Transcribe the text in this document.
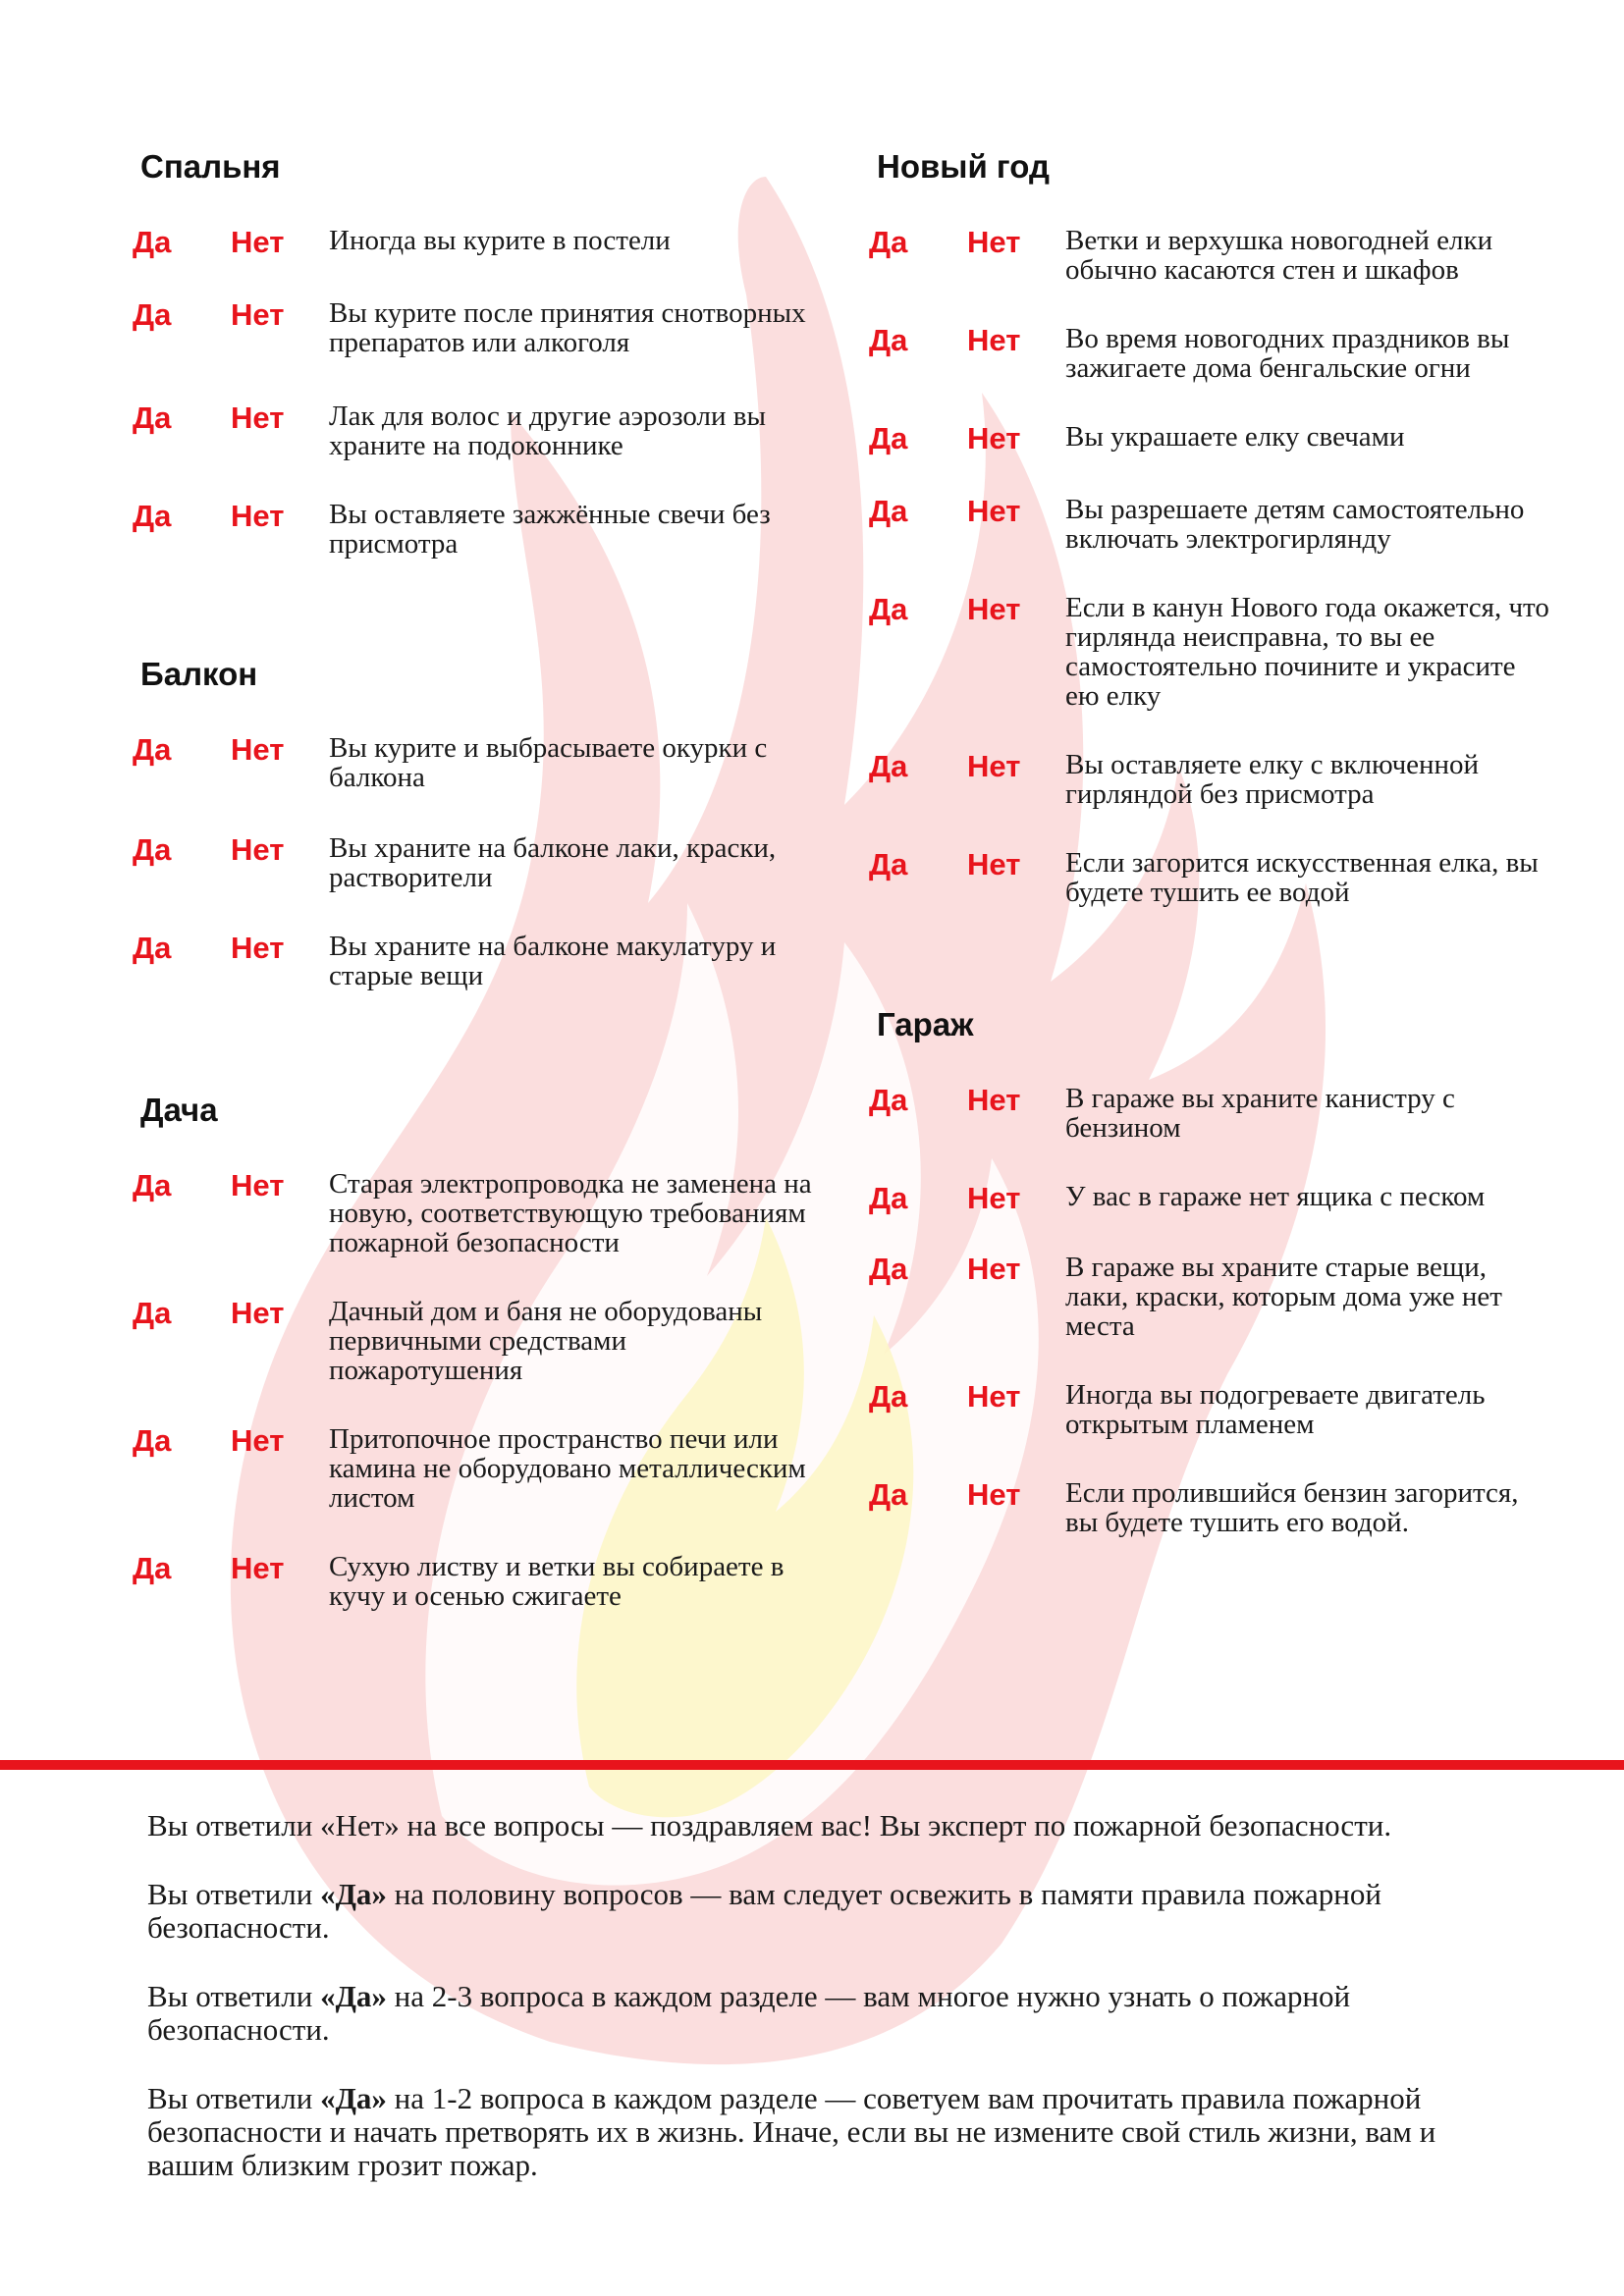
Спальня
Да	Нет	Иногда вы курите в постели
Да	Нет	Вы курите после принятия снотворных препаратов или алкоголя
Да	Нет	Лак для волос и другие аэрозоли вы храните на подоконнике
Да	Нет	Вы оставляете зажжённые свечи без присмотра
Балкон
Да	Нет	Вы курите и выбрасываете окурки с балкона
Да	Нет	Вы храните на балконе лаки, краски, растворители
Да	Нет	Вы храните на балконе макулатуру и старые вещи
Дача
Да	Нет	Старая электропроводка не заменена на новую, соответствующую требованиям пожарной безопасности
Да	Нет	Дачный дом и баня не оборудованы первичными средствами пожаротушения
Да	Нет	Притопочное пространство печи или камина не оборудовано металлическим листом
Да	Нет	Сухую листву и ветки вы собираете в кучу и осенью сжигаете
Новый год
Да	Нет	Ветки и верхушка новогодней елки обычно касаются стен и шкафов
Да	Нет	Во время новогодних праздников вы зажигаете дома бенгальские огни
Да	Нет	Вы украшаете елку свечами
Да	Нет	Вы разрешаете детям самостоятельно включать электрогирлянду
Да	Нет	Если в канун Нового года окажется, что гирлянда неисправна, то вы ее самостоятельно почините и украсите ею елку
Да	Нет	Вы оставляете елку с включенной гирляндой без присмотра
Да	Нет	Если загорится искусственная елка, вы будете тушить ее водой
Гараж
Да	Нет	В гараже вы храните канистру с бензином
Да	Нет	У вас в гараже нет ящика с песком
Да	Нет	В гараже вы храните старые вещи, лаки, краски, которым дома уже нет места
Да	Нет	Иногда вы подогреваете двигатель открытым пламенем
Да	Нет	Если пролившийся бензин загорится, вы будете тушить его водой.

Вы ответили «Нет» на все вопросы — поздравляем вас! Вы эксперт по пожарной безопасности.

Вы ответили «Да» на половину вопросов — вам следует освежить в памяти правила пожарной безопасности.

Вы ответили «Да» на 2-3 вопроса в каждом разделе — вам многое нужно узнать о пожарной безопасности.

Вы ответили «Да» на 1-2 вопроса в каждом разделе — советуем вам прочитать правила пожарной безопасности и начать претворять их в жизнь. Иначе, если вы не измените свой стиль жизни, вам и вашим близким грозит пожар.
